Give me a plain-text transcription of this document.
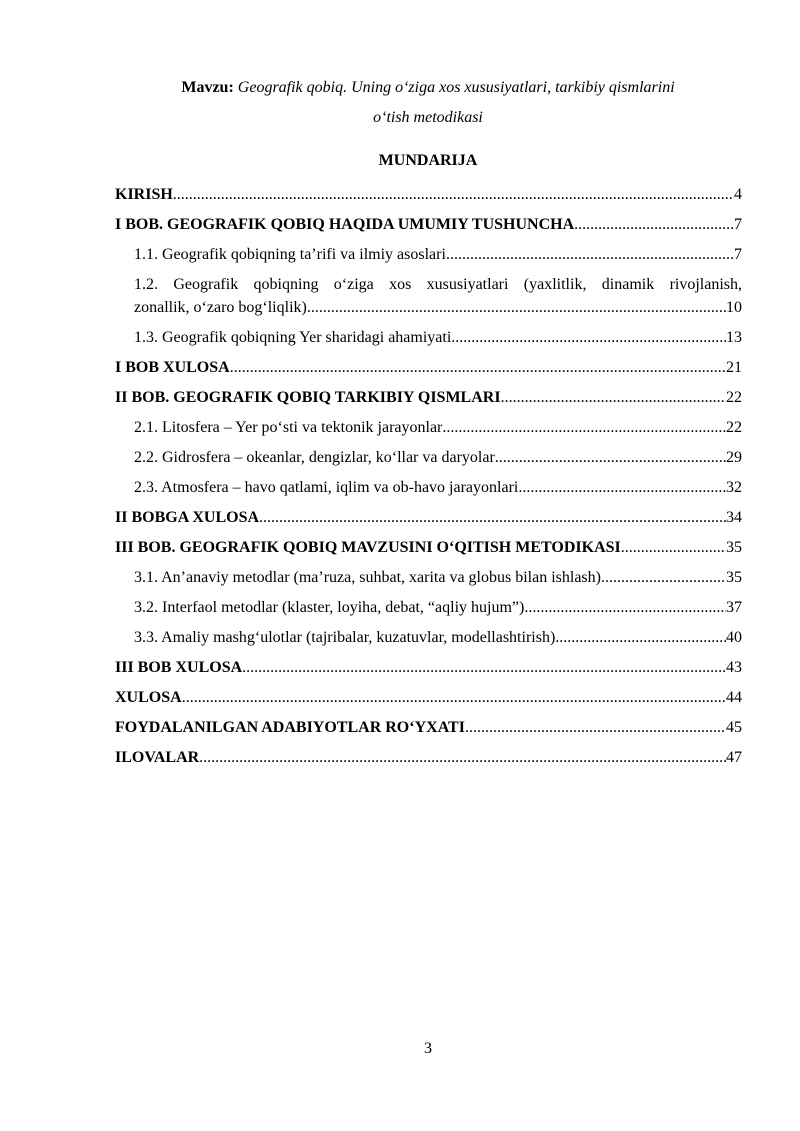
Mavzu: Geografik qobiq. Uning o‘ziga xos xususiyatlari, tarkibiy qismlarini
o‘tish metodikasi
MUNDARIJA
KIRISH .....	4
I BOB. GEOGRAFIK QOBIQ HAQIDA UMUMIY TUSHUNCHA .....	7
1.1. Geografik qobiqning ta’rifi va ilmiy asoslari .....	7
1.2. Geografik qobiqning o‘ziga xos xususiyatlari (yaxlitlik, dinamik rivojlanish,
zonallik, o‘zaro bog‘liqlik) .....	10
1.3. Geografik qobiqning Yer sharidagi ahamiyati .....	13
I BOB XULOSA .....	21
II BOB. GEOGRAFIK QOBIQ TARKIBIY QISMLARI .....	22
2.1. Litosfera – Yer po‘sti va tektonik jarayonlar .....	22
2.2. Gidrosfera – okeanlar, dengizlar, ko‘llar va daryolar .....	29
2.3. Atmosfera – havo qatlami, iqlim va ob-havo jarayonlari .....	32
II BOBGA XULOSA .....	34
III BOB. GEOGRAFIK QOBIQ MAVZUSINI O‘QITISH METODIKASI .....	35
3.1. An’anaviy metodlar (ma’ruza, suhbat, xarita va globus bilan ishlash) .....	35
3.2. Interfaol metodlar (klaster, loyiha, debat, “aqliy hujum”) .....	37
3.3. Amaliy mashg‘ulotlar (tajribalar, kuzatuvlar, modellashtirish) .....	40
III BOB XULOSA .....	43
XULOSA .....	44
FOYDALANILGAN ADABIYOTLAR RO‘YXATI .....	45
ILOVALAR .....	47
3
